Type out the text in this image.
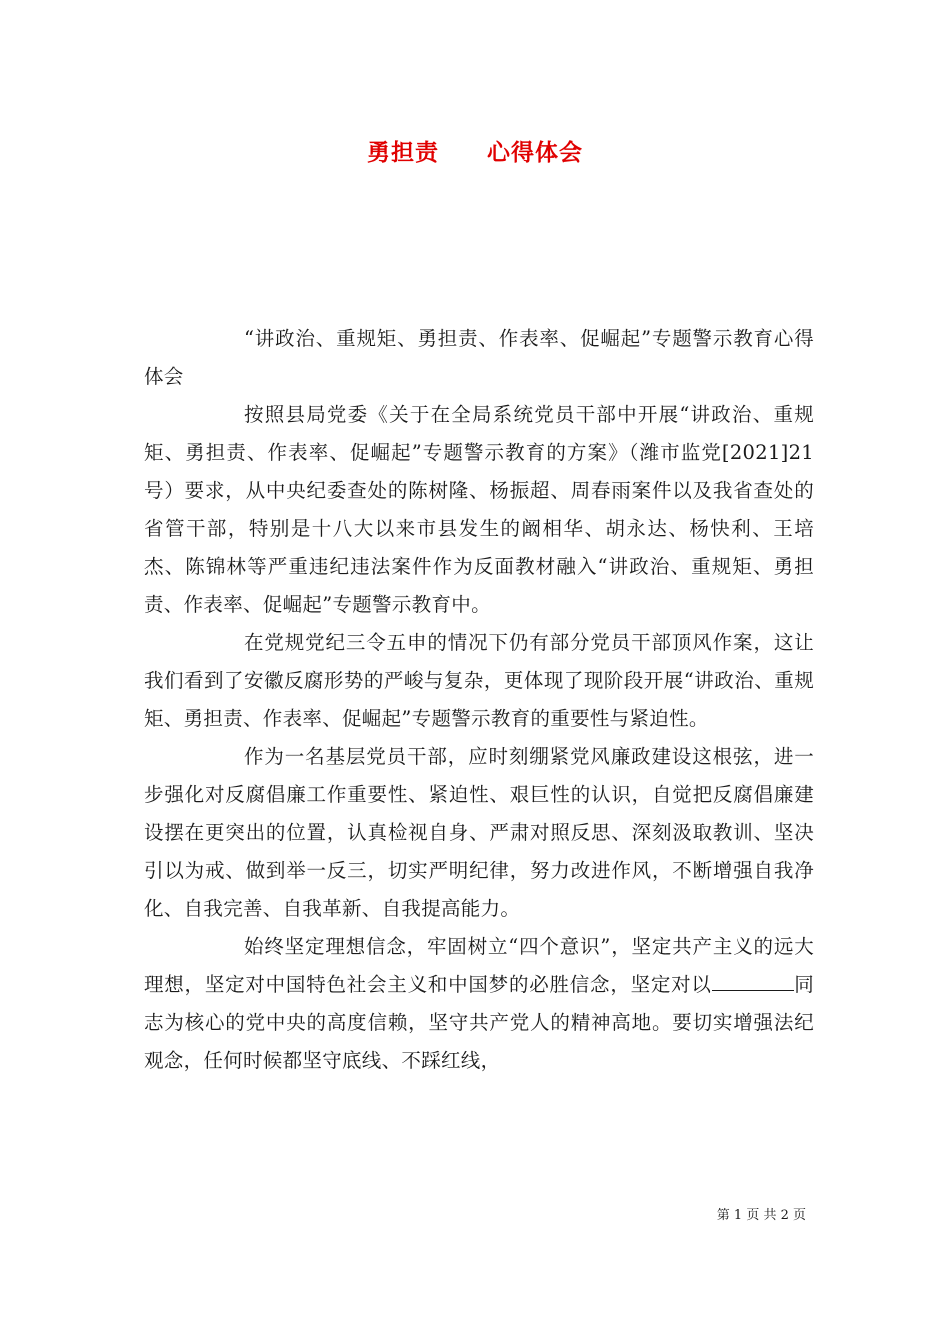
勇担责　　心得体会

“讲政治、重规矩、勇担责、作表率、促崛起”专题警示教育心得体会

按照县局党委《关于在全局系统党员干部中开展“讲政治、重规矩、勇担责、作表率、促崛起”专题警示教育的方案》（潍市监党[2021]21号）要求，从中央纪委查处的陈树隆、杨振超、周春雨案件以及我省查处的省管干部，特别是十八大以来市县发生的阚相华、胡永达、杨快利、王培杰、陈锦林等严重违纪违法案件作为反面教材融入“讲政治、重规矩、勇担责、作表率、促崛起”专题警示教育中。

在党规党纪三令五申的情况下仍有部分党员干部顶风作案，这让我们看到了安徽反腐形势的严峻与复杂，更体现了现阶段开展“讲政治、重规矩、勇担责、作表率、促崛起”专题警示教育的重要性与紧迫性。

作为一名基层党员干部，应时刻绷紧党风廉政建设这根弦，进一步强化对反腐倡廉工作重要性、紧迫性、艰巨性的认识，自觉把反腐倡廉建设摆在更突出的位置，认真检视自身、严肃对照反思、深刻汲取教训、坚决引以为戒、做到举一反三，切实严明纪律，努力改进作风，不断增强自我净化、自我完善、自我革新、自我提高能力。

始终坚定理想信念，牢固树立“四个意识”，坚定共产主义的远大理想，坚定对中国特色社会主义和中国梦的必胜信念，坚定对以	同志为核心的党中央的高度信赖，坚守共产党人的精神高地。要切实增强法纪观念，任何时候都坚守底线、不踩红线，

第 1 页 共 2 页
